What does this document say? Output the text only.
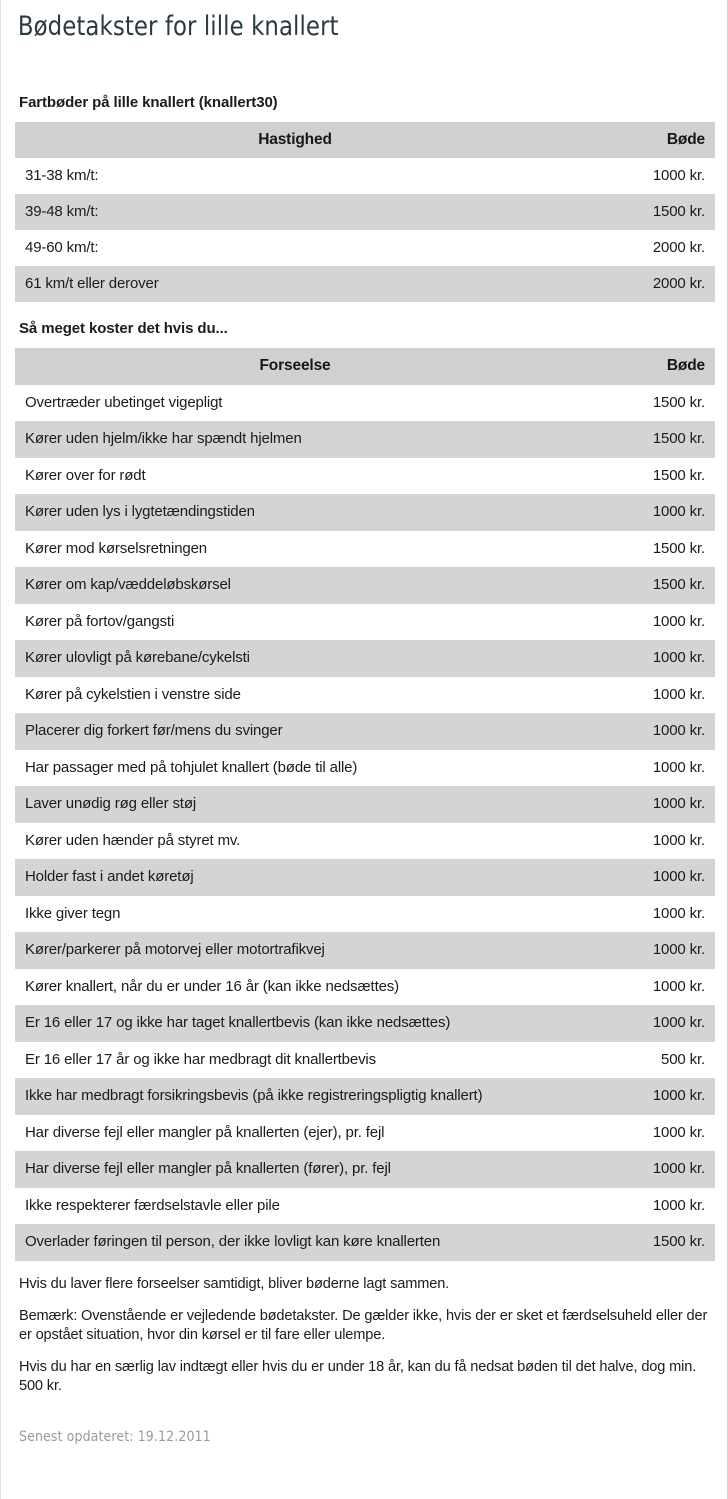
Bødetakster for lille knallert
Fartbøder på lille knallert (knallert30)
Hastighed	Bøde
31-38 km/t:	1000 kr.
39-48 km/t:	1500 kr.
49-60 km/t:	2000 kr.
61 km/t eller derover	2000 kr.
Så meget koster det hvis du...
Forseelse	Bøde
Overtræder ubetinget vigepligt	1500 kr.
Kører uden hjelm/ikke har spændt hjelmen	1500 kr.
Kører over for rødt	1500 kr.
Kører uden lys i lygtetændingstiden	1000 kr.
Kører mod kørselsretningen	1500 kr.
Kører om kap/væddeløbskørsel	1500 kr.
Kører på fortov/gangsti	1000 kr.
Kører ulovligt på kørebane/cykelsti	1000 kr.
Kører på cykelstien i venstre side	1000 kr.
Placerer dig forkert før/mens du svinger	1000 kr.
Har passager med på tohjulet knallert (bøde til alle)	1000 kr.
Laver unødig røg eller støj	1000 kr.
Kører uden hænder på styret mv.	1000 kr.
Holder fast i andet køretøj	1000 kr.
Ikke giver tegn	1000 kr.
Kører/parkerer på motorvej eller motortrafikvej	1000 kr.
Kører knallert, når du er under 16 år (kan ikke nedsættes)	1000 kr.
Er 16 eller 17 og ikke har taget knallertbevis (kan ikke nedsættes)	1000 kr.
Er 16 eller 17 år og ikke har medbragt dit knallertbevis	500 kr.
Ikke har medbragt forsikringsbevis (på ikke registreringspligtig knallert)	1000 kr.
Har diverse fejl eller mangler på knallerten (ejer), pr. fejl	1000 kr.
Har diverse fejl eller mangler på knallerten (fører), pr. fejl	1000 kr.
Ikke respekterer færdselstavle eller pile	1000 kr.
Overlader føringen til person, der ikke lovligt kan køre knallerten	1500 kr.

Hvis du laver flere forseelser samtidigt, bliver bøderne lagt sammen.

Bemærk: Ovenstående er vejledende bødetakster. De gælder ikke, hvis der er sket et færdselsuheld eller der er opstået situation, hvor din kørsel er til fare eller ulempe.

Hvis du har en særlig lav indtægt eller hvis du er under 18 år, kan du få nedsat bøden til det halve, dog min. 500 kr.

Senest opdateret: 19.12.2011
